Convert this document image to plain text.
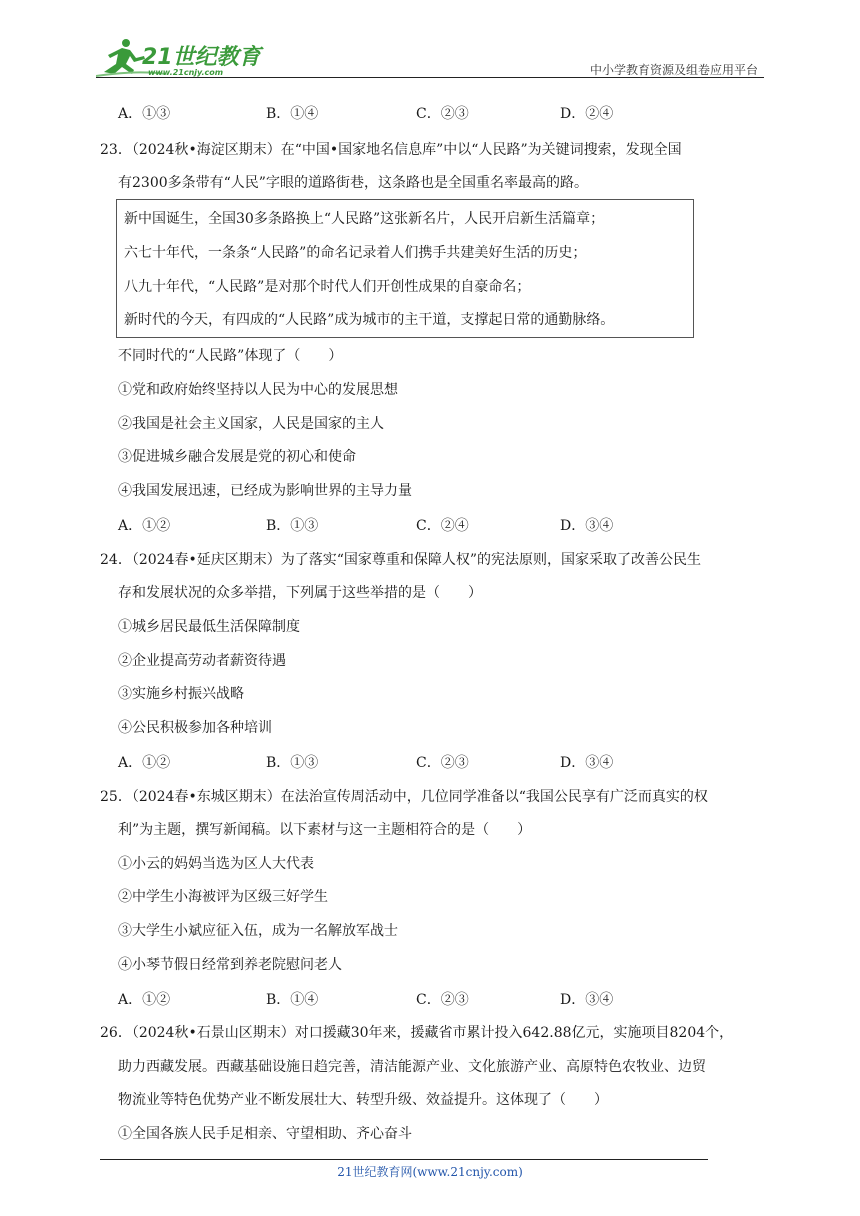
21世纪教育
www.21cnjy.com	中小学教育资源及组卷应用平台
A．①③	B．①④	C．②③	D．②④
23．（2024秋•海淀区期末）在“中国•国家地名信息库”中以“人民路”为关键词搜索，发现全国
有2300多条带有“人民”字眼的道路街巷，这条路也是全国重名率最高的路。
新中国诞生，全国30多条路换上“人民路”这张新名片，人民开启新生活篇章；
六七十年代，一条条“人民路”的命名记录着人们携手共建美好生活的历史；
八九十年代，“人民路”是对那个时代人们开创性成果的自豪命名；
新时代的今天，有四成的“人民路”成为城市的主干道，支撑起日常的通勤脉络。
不同时代的“人民路”体现了（　　）
①党和政府始终坚持以人民为中心的发展思想
②我国是社会主义国家，人民是国家的主人
③促进城乡融合发展是党的初心和使命
④我国发展迅速，已经成为影响世界的主导力量
A．①②	B．①③	C．②④	D．③④
24．（2024春•延庆区期末）为了落实“国家尊重和保障人权”的宪法原则，国家采取了改善公民生
存和发展状况的众多举措，下列属于这些举措的是（　　）
①城乡居民最低生活保障制度
②企业提高劳动者薪资待遇
③实施乡村振兴战略
④公民积极参加各种培训
A．①②	B．①③	C．②③	D．③④
25．（2024春•东城区期末）在法治宣传周活动中，几位同学准备以“我国公民享有广泛而真实的权
利”为主题，撰写新闻稿。以下素材与这一主题相符合的是（　　）
①小云的妈妈当选为区人大代表
②中学生小海被评为区级三好学生
③大学生小斌应征入伍，成为一名解放军战士
④小琴节假日经常到养老院慰问老人
A．①②	B．①④	C．②③	D．③④
26．（2024秋•石景山区期末）对口援藏30年来，援藏省市累计投入642.88亿元，实施项目8204个，
助力西藏发展。西藏基础设施日趋完善，清洁能源产业、文化旅游产业、高原特色农牧业、边贸
物流业等特色优势产业不断发展壮大、转型升级、效益提升。这体现了（　　）
①全国各族人民手足相亲、守望相助、齐心奋斗
21世纪教育网(www.21cnjy.com)
